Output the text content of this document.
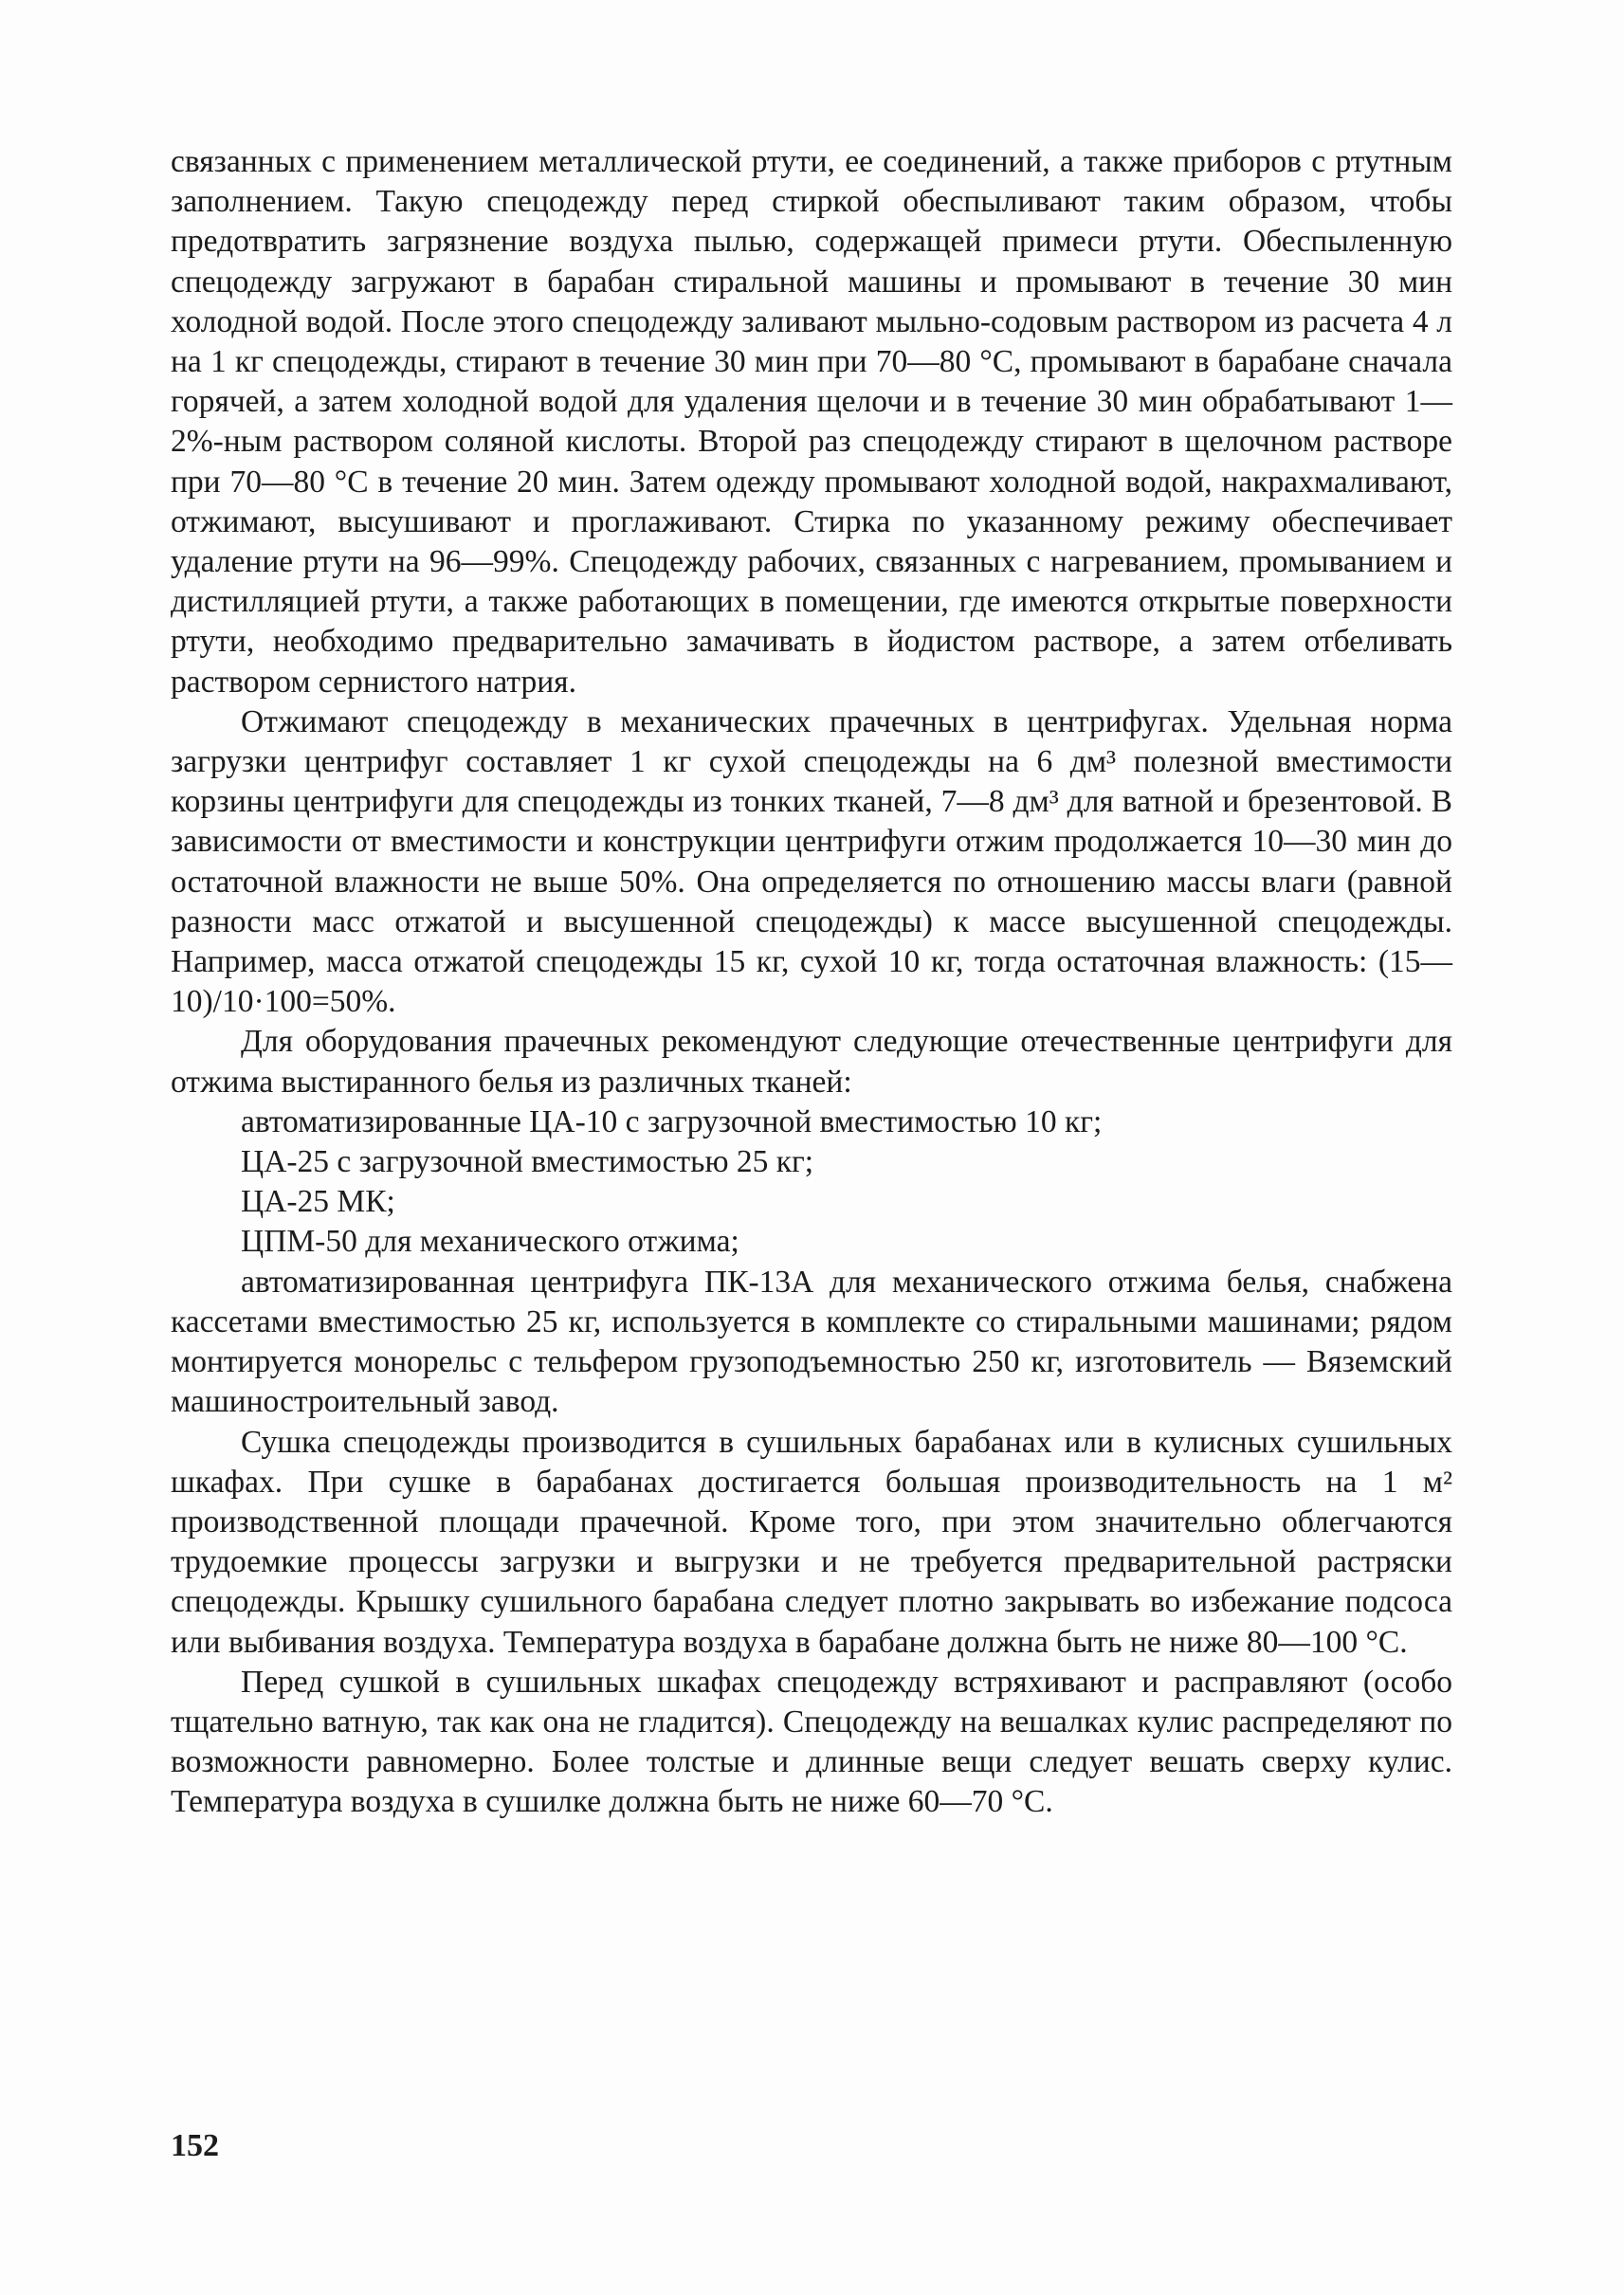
связанных с применением металлической ртути, ее соединений, а также приборов с ртутным заполнением. Такую спецодежду перед стиркой обеспыливают таким образом, чтобы предотвратить загрязнение воздуха пылью, содержащей примеси ртути. Обеспыленную спецодежду загружают в барабан стиральной машины и промывают в течение 30 мин холодной водой. После этого спецодежду заливают мыльно-содовым раствором из расчета 4 л на 1 кг спецодежды, стирают в течение 30 мин при 70—80 °С, промывают в барабане сначала горячей, а затем холодной водой для удаления щелочи и в течение 30 мин обрабатывают 1—2%-ным раствором соляной кислоты. Второй раз спецодежду стирают в щелочном растворе при 70—80 °С в течение 20 мин. Затем одежду промывают холодной водой, накрахмаливают, отжимают, высушивают и проглаживают. Стирка по указанному режиму обеспечивает удаление ртути на 96—99%. Спецодежду рабочих, связанных с нагреванием, промыванием и дистилляцией ртути, а также работающих в помещении, где имеются открытые поверхности ртути, необходимо предварительно замачивать в йодистом растворе, а затем отбеливать раствором сернистого натрия.

Отжимают спецодежду в механических прачечных в центрифугах. Удельная норма загрузки центрифуг составляет 1 кг сухой спецодежды на 6 дм³ полезной вместимости корзины центрифуги для спецодежды из тонких тканей, 7—8 дм³ для ватной и брезентовой. В зависимости от вместимости и конструкции центрифуги отжим продолжается 10—30 мин до остаточной влажности не выше 50%. Она определяется по отношению массы влаги (равной разности масс отжатой и высушенной спецодежды) к массе высушенной спецодежды. Например, масса отжатой спецодежды 15 кг, сухой 10 кг, тогда остаточная влажность: (15—10)/10·100=50%.

Для оборудования прачечных рекомендуют следующие отечественные центрифуги для отжима выстиранного белья из различных тканей:

автоматизированные ЦА-10 с загрузочной вместимостью 10 кг;

ЦА-25 с загрузочной вместимостью 25 кг;

ЦА-25 МК;

ЦПМ-50 для механического отжима;

автоматизированная центрифуга ПК-13А для механического отжима белья, снабжена кассетами вместимостью 25 кг, используется в комплекте со стиральными машинами; рядом монтируется монорельс с тельфером грузоподъемностью 250 кг, изготовитель — Вяземский машиностроительный завод.

Сушка спецодежды производится в сушильных барабанах или в кулисных сушильных шкафах. При сушке в барабанах достигается большая производительность на 1 м² производственной площади прачечной. Кроме того, при этом значительно облегчаются трудоемкие процессы загрузки и выгрузки и не требуется предварительной растряски спецодежды. Крышку сушильного барабана следует плотно закрывать во избежание подсоса или выбивания воздуха. Температура воздуха в барабане должна быть не ниже 80—100 °С.

Перед сушкой в сушильных шкафах спецодежду встряхивают и расправляют (особо тщательно ватную, так как она не гладится). Спецодежду на вешалках кулис распределяют по возможности равномерно. Более толстые и длинные вещи следует вешать сверху кулис. Температура воздуха в сушилке должна быть не ниже 60—70 °С.

152
